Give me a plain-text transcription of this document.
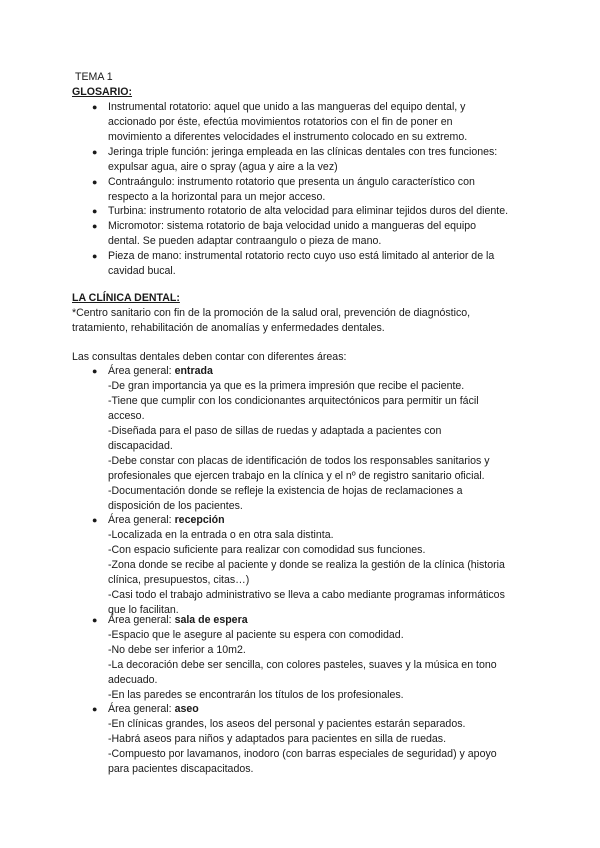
TEMA 1
GLOSARIO:
● Instrumental rotatorio: aquel que unido a las mangueras del equipo dental, y
accionado por éste, efectúa movimientos rotatorios con el fin de poner en
movimiento a diferentes velocidades el instrumento colocado en su extremo.
● Jeringa triple función: jeringa empleada en las clínicas dentales con tres funciones:
expulsar agua, aire o spray (agua y aire a la vez)
● Contraángulo: instrumento rotatorio que presenta un ángulo característico con
respecto a la horizontal para un mejor acceso.
● Turbina: instrumento rotatorio de alta velocidad para eliminar tejidos duros del diente.
● Micromotor: sistema rotatorio de baja velocidad unido a mangueras del equipo
dental. Se pueden adaptar contraangulo o pieza de mano.
● Pieza de mano: instrumental rotatorio recto cuyo uso está limitado al anterior de la
cavidad bucal.
LA CLÍNICA DENTAL:
*Centro sanitario con fin de la promoción de la salud oral, prevención de diagnóstico,
tratamiento, rehabilitación de anomalías y enfermedades dentales.
Las consultas dentales deben contar con diferentes áreas:
● Área general: entrada
-De gran importancia ya que es la primera impresión que recibe el paciente.
-Tiene que cumplir con los condicionantes arquitectónicos para permitir un fácil
acceso.
-Diseñada para el paso de sillas de ruedas y adaptada a pacientes con
discapacidad.
-Debe constar con placas de identificación de todos los responsables sanitarios y
profesionales que ejercen trabajo en la clínica y el nº de registro sanitario oficial.
-Documentación donde se refleje la existencia de hojas de reclamaciones a
disposición de los pacientes.
● Área general: recepción
-Localizada en la entrada o en otra sala distinta.
-Con espacio suficiente para realizar con comodidad sus funciones.
-Zona donde se recibe al paciente y donde se realiza la gestión de la clínica (historia
clínica, presupuestos, citas…)
-Casi todo el trabajo administrativo se lleva a cabo mediante programas informáticos
que lo facilitan.
● Área general: sala de espera
-Espacio que le asegure al paciente su espera con comodidad.
-No debe ser inferior a 10m2.
-La decoración debe ser sencilla, con colores pasteles, suaves y la música en tono
adecuado.
-En las paredes se encontrarán los títulos de los profesionales.
● Área general: aseo
-En clínicas grandes, los aseos del personal y pacientes estarán separados.
-Habrá aseos para niños y adaptados para pacientes en silla de ruedas.
-Compuesto por lavamanos, inodoro (con barras especiales de seguridad) y apoyo
para pacientes discapacitados.
